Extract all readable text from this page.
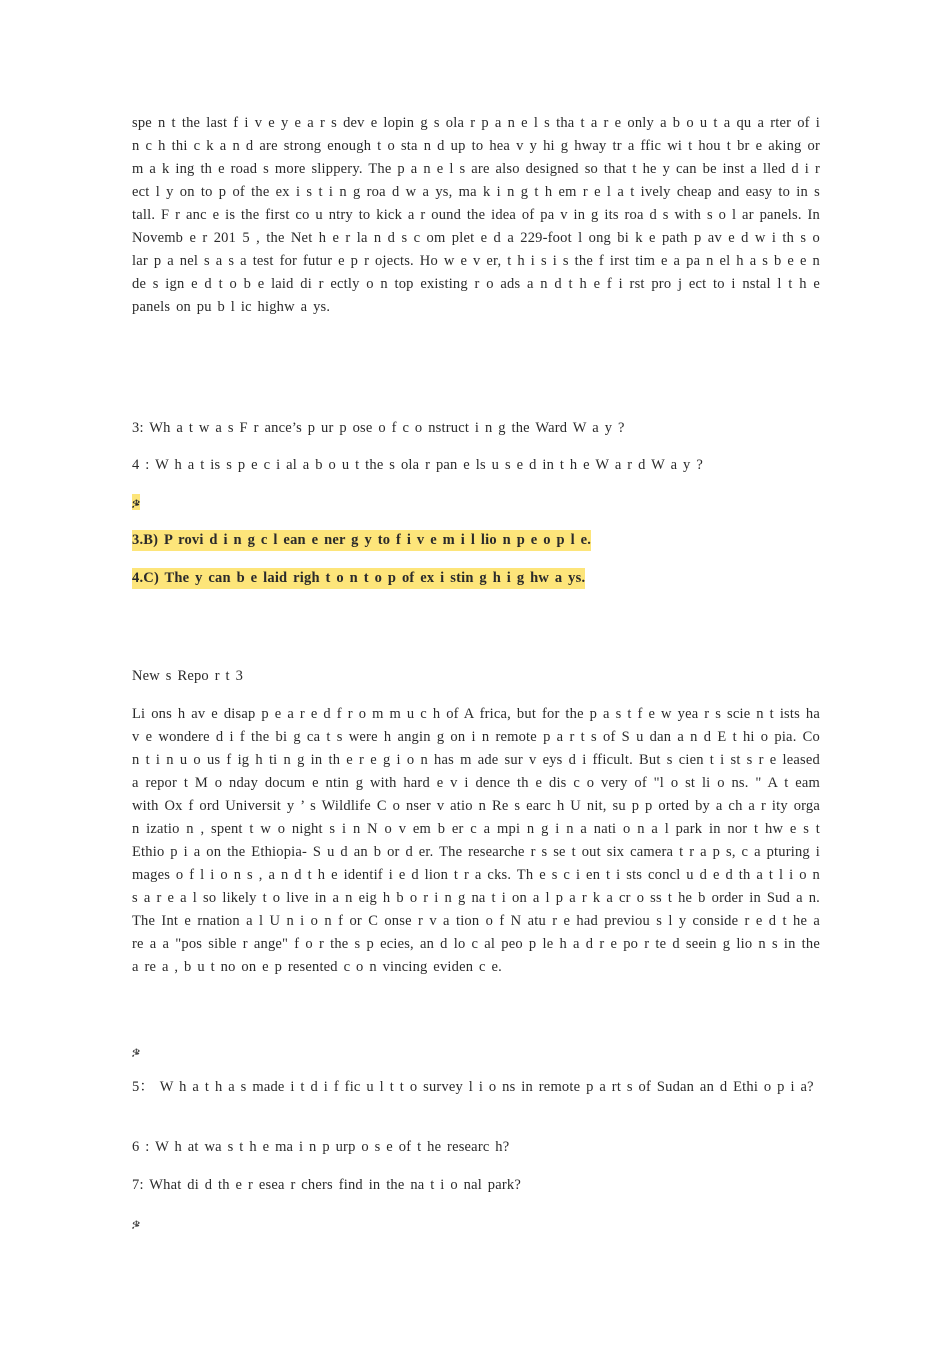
spe n t the last f i v e y e a r s dev e lopin g s ola r p a n e l s tha t a r e only a b o u t a qu a rter of i n c h thi c k a n d are strong enough t o sta n d up to hea v y hi g hway tr a ffic wi t hou t br e aking or m a k ing th e road s more slippery. The p a n e l s are also designed so that t he y can be inst a lled d i r ect l y on to p of the ex i s t i n g roa d w a ys, ma k i n g t h em r e l a t ively cheap and easy to in s tall. F r anc e is the first co u ntry to kick a r ound the idea of pa v in g its roa d s with s o l ar panels. In Novemb e r 201 5 , the Net h e r la n d s c om plet e d a 229-foot l ong bi k e path p av e d w i th s o lar p a nel s a s a test for futur e p r ojects. Ho w e v er, t h i s i s the f irst tim e a pa n el h a s b e e n de s ign e d t o b e laid di r ectly o n top existing r o ads a n d t h e f i rst pro j ect to i nstal l t h e panels on pu b l ic highw a ys.
3: Wh a t w a s F r ance’s p ur p ose o f c o nstruct i n g the Ward W a y ?
4 : W h a t is s p e c i al a b o u t the s ola r pan e ls u s e d in t h e W a r d W a y ?
ቌ
3.B) P rovi d i n g c l ean e ner g y to f i v e m i l lio n p e o p l e.
4.C) The y can b e laid righ t o n t o p of ex i stin g h i g hw a ys.
New s Repo r t 3
Li ons h av e disap p e a r e d f r o m m u c h of A frica, but for the p a s t f e w yea r s scie n t ists ha v e wondere d i f the bi g ca t s were h angin g on i n remote p a r t s of S u dan a n d E t hi o pia. Co n t i n u o us f ig h ti n g in th e r e g i o n has m ade sur v eys d i fficult. But s cien t i st s r e leased a repor t M o nday docum e ntin g with hard e v i dence th e dis c o very of "l o st li o ns. " A t eam with Ox f ord Universit y ’ s Wildlife C o nser v atio n Re s earc h U nit, su p p orted by a ch a r ity orga n izatio n , spent t w o night s i n N o v em b er c a mpi n g i n a nati o n a l park in nor t hw e s t Ethio p i a on the Ethiopia- S u d an b or d er. The researche r s se t out six camera t r a p s, c a pturing i mages o f l i o n s , a n d t h e identif i e d lion t r a cks. Th e s c i en t i sts concl u d e d th a t l i o n s a r e a l so likely t o live in a n eig h b o r i n g na t i on a l p a r k a cr o ss t he b order in Sud a n. The Int e rnation a l U n i o n f or C onse r v a tion o f N atu r e had previou s l y conside r e d t he a re a a "pos sible r ange" f o r the s p ecies, an d lo c al peo p le h a d r e po r te d seein g lio n s in the a re a , b u t no on e p resented c o n vincing eviden c e.
ቌ
5： W h a t h a s made i t d i f fic u l t t o survey l i o ns in remote p a rt s of Sudan an d Ethi o p i a?
6 : W h at wa s t h e ma i n p urp o s e of t he researc h?
7: What di d th e r esea r chers find in the na t i o nal park?
ቌ
